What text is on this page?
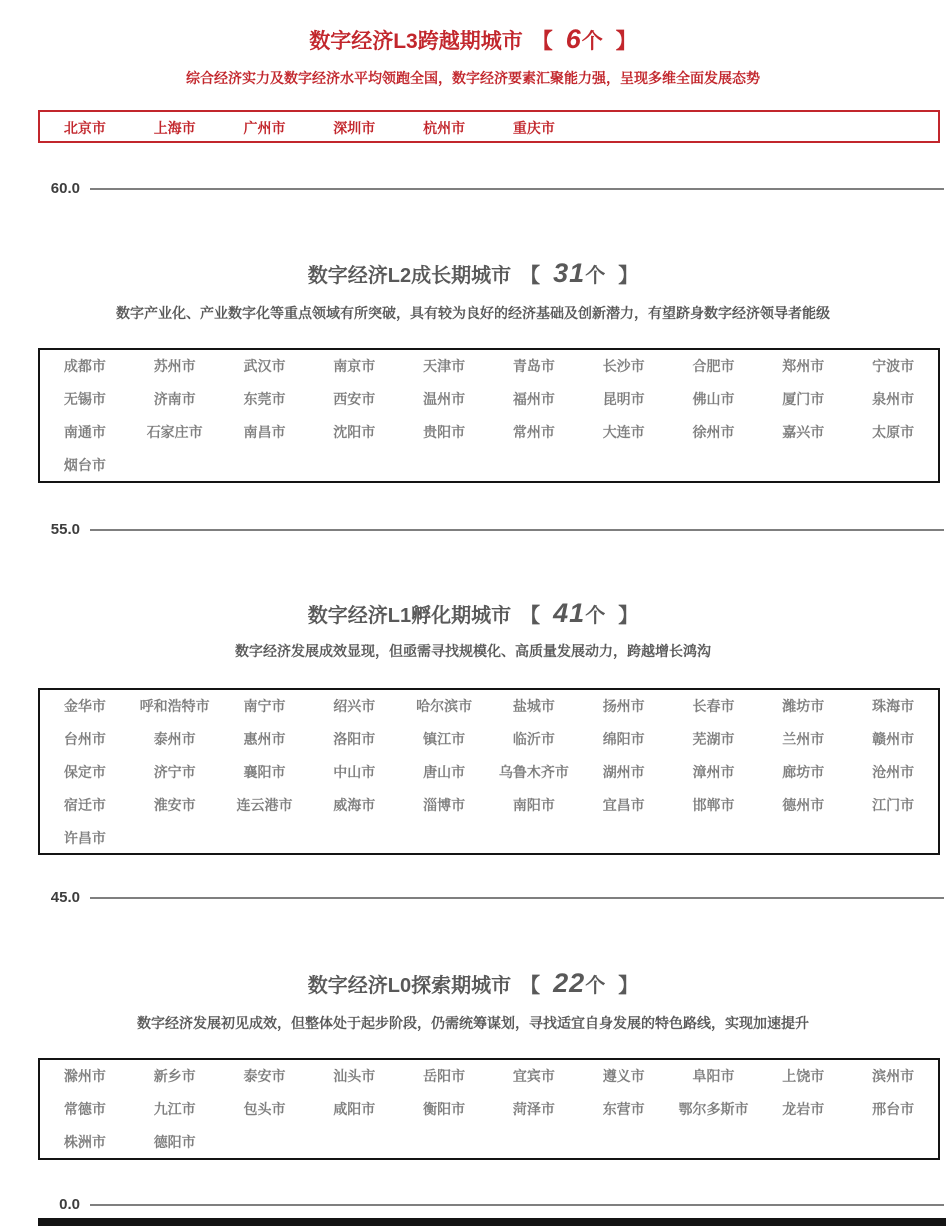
数字经济L3跨越期城市 【 6个 】

综合经济实力及数字经济水平均领跑全国，数字经济要素汇聚能力强，呈现多维全面发展态势

北京市	上海市	广州市	深圳市	杭州市	重庆市
60.0
数字经济L2成长期城市 【 31个 】

数字产业化、产业数字化等重点领域有所突破，具有较为良好的经济基础及创新潜力，有望跻身数字经济领导者能级

成都市	苏州市	武汉市	南京市	天津市	青岛市	长沙市	合肥市	郑州市	宁波市
无锡市	济南市	东莞市	西安市	温州市	福州市	昆明市	佛山市	厦门市	泉州市
南通市	石家庄市	南昌市	沈阳市	贵阳市	常州市	大连市	徐州市	嘉兴市	太原市
烟台市
55.0
数字经济L1孵化期城市 【 41个 】

数字经济发展成效显现，但亟需寻找规模化、高质量发展动力，跨越增长鸿沟

金华市	呼和浩特市	南宁市	绍兴市	哈尔滨市	盐城市	扬州市	长春市	潍坊市	珠海市
台州市	泰州市	惠州市	洛阳市	镇江市	临沂市	绵阳市	芜湖市	兰州市	赣州市
保定市	济宁市	襄阳市	中山市	唐山市	乌鲁木齐市	湖州市	漳州市	廊坊市	沧州市
宿迁市	淮安市	连云港市	威海市	淄博市	南阳市	宜昌市	邯郸市	德州市	江门市
许昌市
45.0
数字经济L0探索期城市 【 22个 】

数字经济发展初见成效，但整体处于起步阶段，仍需统筹谋划，寻找适宜自身发展的特色路线，实现加速提升

滁州市	新乡市	泰安市	汕头市	岳阳市	宜宾市	遵义市	阜阳市	上饶市	滨州市
常德市	九江市	包头市	咸阳市	衡阳市	菏泽市	东营市	鄂尔多斯市	龙岩市	邢台市
株洲市	德阳市
0.0
